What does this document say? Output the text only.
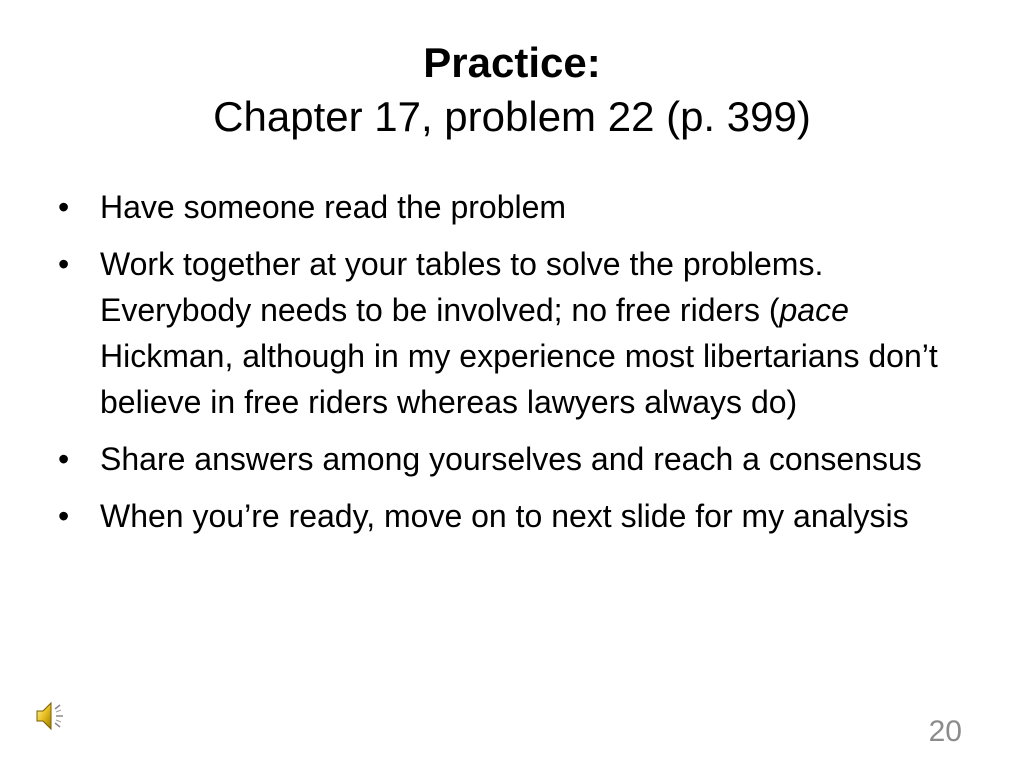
Practice:

Chapter 17, problem 22 (p. 399)

• Have someone read the problem
• Work together at your tables to solve the problems. Everybody needs to be involved; no free riders (pace Hickman, although in my experience most libertarians don’t believe in free riders whereas lawyers always do)
• Share answers among yourselves and reach a consensus
• When you’re ready, move on to next slide for my analysis
20
